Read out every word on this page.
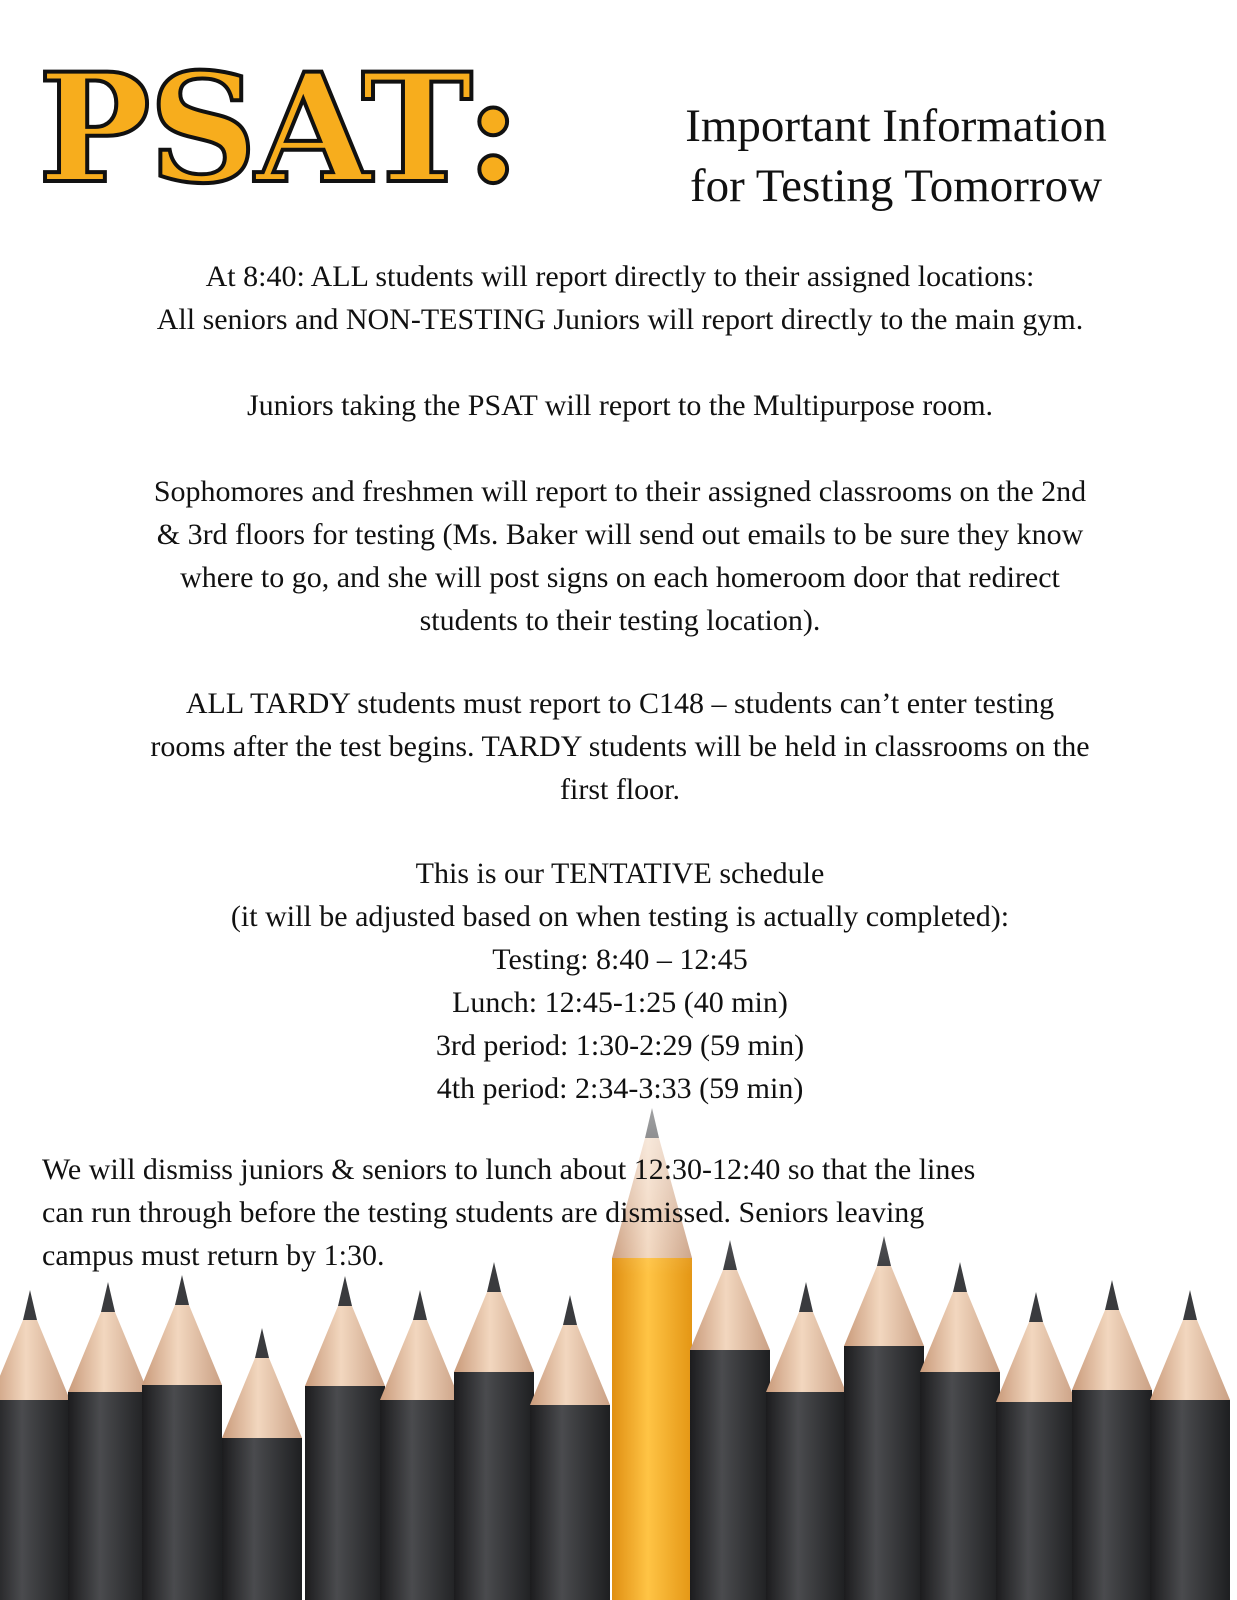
PSAT:	Important Information
for Testing Tomorrow
At 8:40: ALL students will report directly to their assigned locations:
All seniors and NON-TESTING Juniors will report directly to the main gym.
Juniors taking the PSAT will report to the Multipurpose room.
Sophomores and freshmen will report to their assigned classrooms on the 2nd
& 3rd floors for testing (Ms. Baker will send out emails to be sure they know
where to go, and she will post signs on each homeroom door that redirect
students to their testing location).
ALL TARDY students must report to C148 – students can’t enter testing
rooms after the test begins. TARDY students will be held in classrooms on the
first floor.
This is our TENTATIVE schedule
(it will be adjusted based on when testing is actually completed):
Testing: 8:40 – 12:45
Lunch: 12:45-1:25 (40 min)
3rd period: 1:30-2:29 (59 min)
4th period: 2:34-3:33 (59 min)
We will dismiss juniors & seniors to lunch about 12:30-12:40 so that the lines
can run through before the testing students are dismissed. Seniors leaving
campus must return by 1:30.
